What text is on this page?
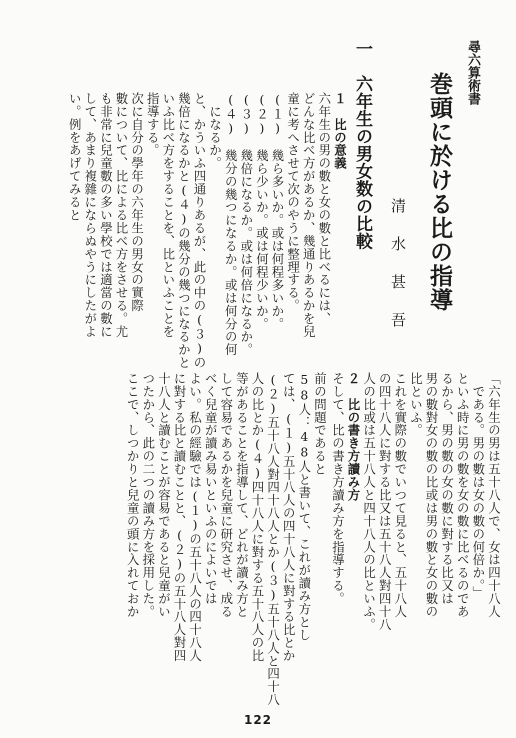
尋六算術書
巻頭に於ける比の指導
清　水　甚　吾
一　六年生の男女数の比較
１　比の意義
六年生の男の數と女の數と比べるには、
どんな比べ方があるか、幾通りあるかを兒
童に考へさせて次のやうに整理する。
(１)　幾ら多いか。或は何程多いか。
(２)　幾ら少いか。或は何程少いか。
(３)　幾倍になるか。或は何倍になるか。
(４)　幾分の幾つになるか。或は何分の何
　になるか。
と、かういふ四通りあるが、此の中の(３)の
幾倍になるかと(４)の幾分の幾つになるかと
いふ比べ方をすることを、比といふことを
指導する。
次に自分の學年の六年生の男女の實際
數について、比による比べ方をさせる。尤
も非常に兒童數の多い學校では適當の數に
して、あまり複雜にならぬやうにしたがよ
い。例をあげてみると
「六年生の男は五十八人で、女は四十八人
　である。男の數は女の數の何倍か。」
といふ時に男の數を女の數に比べるのであ
るから、男の數の女の數に對する比又は
男の數對女の數の比或は男の數と女の數の
比といふ。
これを實際の數でいつて見ると、五十八人
の四十八人に對する比又は五十八人對四十八
人の比或は五十八人と四十八人の比といふ。
２　比の書き方讀み方
そして、比の書き方讀み方を指導する。
前の問題であると
58人：48人と書いて、これが讀み方とし
ては、(１)五十八人の四十八人に對する比とか
(２)五十八人對四十八人とか(３)五十八人と四十八
人の比とか(４)四十八人に對する五十八人の比
等があることを指導して、どれが讀み方と
して容易であるかを兒童に研究させ、成る
べく兒童が讀み易いといふのによいでは
よい。私の經驗では(１)の五十八人の四十八人
に對する比と讀むことと、(２)の五十八人對四
十八人と讀むことが容易であると兒童がい
つたから、此の二つの讀み方を採用した。
ここで、しつかりと兒童の頭に入れておか
122
